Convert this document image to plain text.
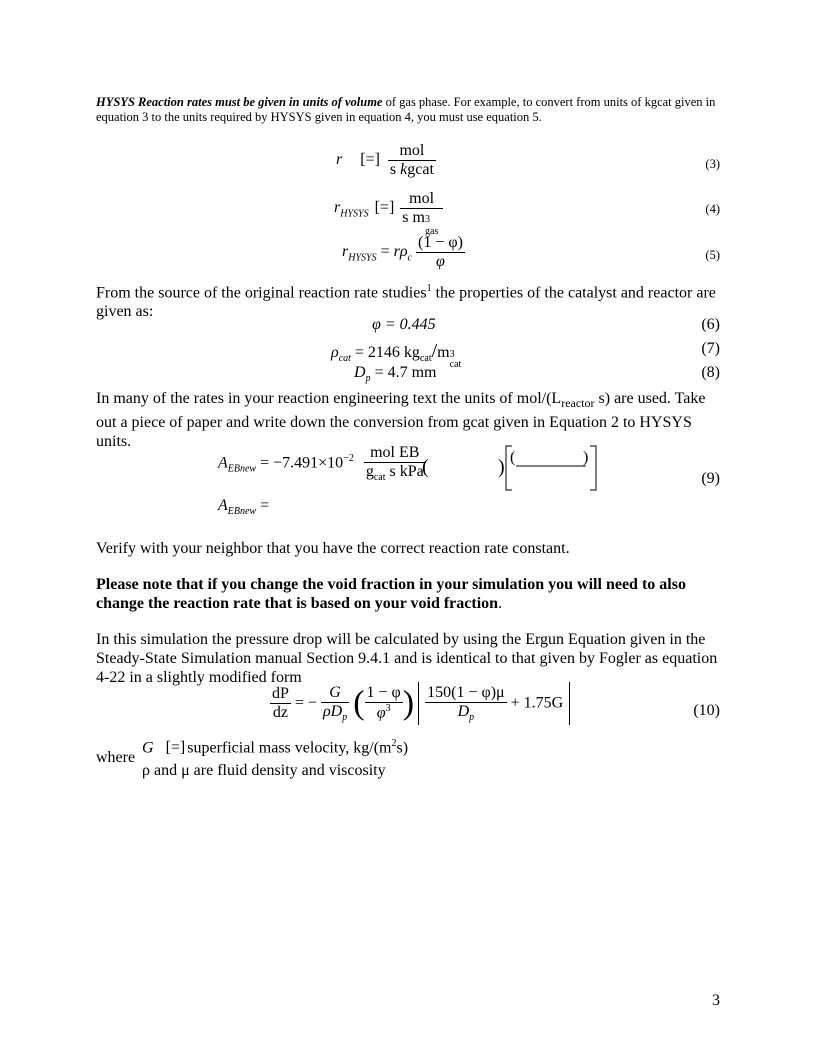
HYSYS Reaction rates must be given in units of volume of gas phase. For example, to convert from units of kgcat given in equation 3 to the units required by HYSYS given in equation 4, you must use equation 5.
r [=] $\frac{\text{mol}}{\text{s kgcat}}$	(3)
$r_{HYSYS}$ [=] mol
s m 3
gas	(4)
$r_{HYSYS} = r\rho_c \frac{(1 - \varphi)}{\varphi}$	(5)
From the source of the original reaction rate studies$^1$ the properties of the catalyst and reactor are given as:
φ = 0.445	(6)
$\rho_{cat} = 2146$ $kg_{cat}/m$ 3
cat
(7)
$D_p = 4.7$ mm	(8)
In many of the rates in your reaction engineering text the units of mol/($L_{reactor}$ s) are used. Take out a piece of paper and write down the conversion from gcat given in Equation 2 to HYSYS units.
$A_{EBnew} = -7.491\times 10^{-2} \frac{\text{mol EB}}{g_{cat} s kPa}$
(	) (	)
(9)
$A_{EBnew}$ =
Verify with your neighbor that you have the correct reaction rate constant.
Please note that if you change the void fraction in your simulation you will need to also change the reaction rate that is based on your void fraction.
In this simulation the pressure drop will be calculated by using the Ergun Equation given in the Steady-State Simulation manual Section 9.4.1 and is identical to that given by Fogler as equation 4-22 in a slightly modified form
$\frac{dP}{dz}$ = − $\frac{G}{\rho D_p}$ ( $\frac{1 - \varphi}{\varphi^3}$ ) $\frac{150(1 - \varphi)\mu}{D_p} + 1.75G$	(10)
where
G [=] superficial mass velocity, $kg/(m^2s)$
ρ and μ are fluid density and viscosity
3
